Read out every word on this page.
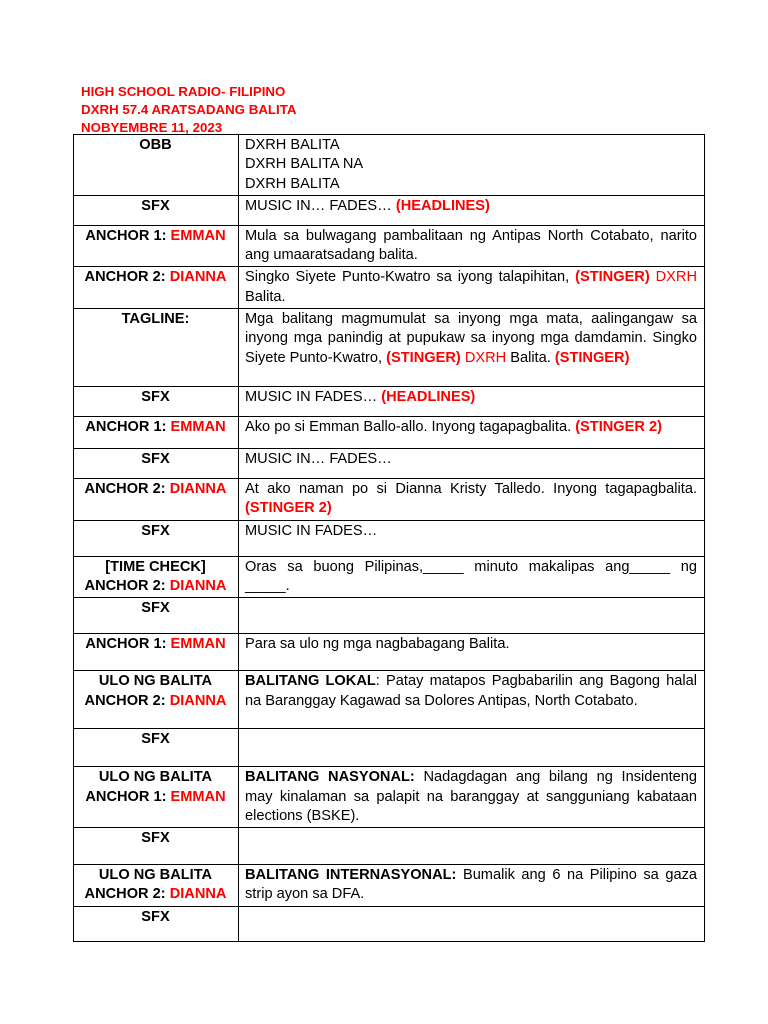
HIGH SCHOOL RADIO- FILIPINO
DXRH 57.4 ARATSADANG BALITA
NOBYEMBRE 11, 2023
OBB	DXRH BALITA
DXRH BALITA NA
DXRH BALITA

SFX	MUSIC IN… FADES… (HEADLINES)

ANCHOR 1: EMMAN	Mula sa bulwagang pambalitaan ng Antipas North Cotabato, narito ang umaaratsadang balita.

ANCHOR 2: DIANNA	Singko Siyete Punto-Kwatro sa iyong talapihitan, (STINGER) DXRH Balita.

TAGLINE:	Mga balitang magmumulat sa inyong mga mata, aalingangaw sa inyong mga panindig at pupukaw sa inyong mga damdamin. Singko Siyete Punto-Kwatro, (STINGER) DXRH Balita. (STINGER)

SFX	MUSIC IN FADES… (HEADLINES)

ANCHOR 1: EMMAN	Ako po si Emman Ballo-allo. Inyong tagapagbalita. (STINGER 2)

SFX	MUSIC IN… FADES…

ANCHOR 2: DIANNA	At ako naman po si Dianna Kristy Talledo. Inyong tagapagbalita. (STINGER 2)

SFX	MUSIC IN FADES…

[TIME CHECK]
ANCHOR 2: DIANNA	Oras sa buong Pilipinas,_____ minuto makalipas ang_____ ng _____.

SFX	

ANCHOR 1: EMMAN	Para sa ulo ng mga nagbabagang Balita.

ULO NG BALITA
ANCHOR 2: DIANNA	BALITANG LOKAL: Patay matapos Pagbabarilin ang Bagong halal na Baranggay Kagawad sa Dolores Antipas, North Cotabato.

SFX	

ULO NG BALITA
ANCHOR 1: EMMAN	BALITANG NASYONAL: Nadagdagan ang bilang ng Insidenteng may kinalaman sa palapit na baranggay at sangguniang kabataan elections (BSKE).

SFX	

ULO NG BALITA
ANCHOR 2: DIANNA	BALITANG INTERNASYONAL: Bumalik ang 6 na Pilipino sa gaza strip ayon sa DFA.

SFX	
